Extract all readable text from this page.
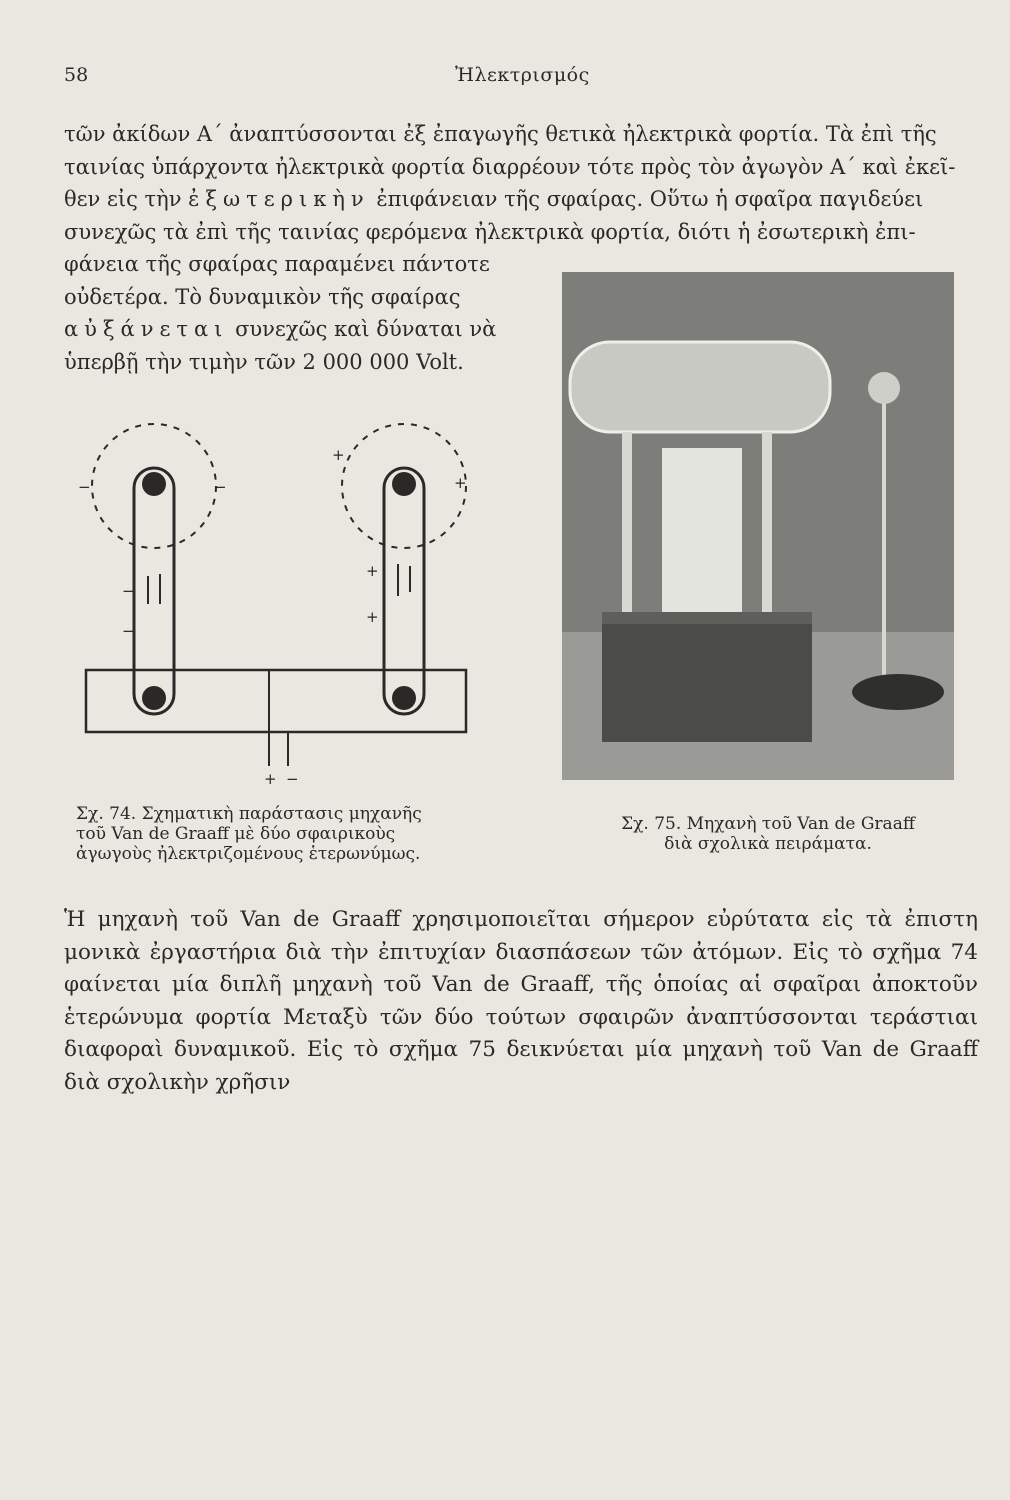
58	Ἠλεκτρισμός
τῶν ἀκίδων Α΄ ἀναπτύσσονται ἐξ ἐπαγωγῆς θετικὰ ἠλεκτρικὰ φορτία. Τὰ ἐπὶ τῆς
ταινίας ὑπάρχοντα ἠλεκτρικὰ φορτία διαρρέουν τότε πρὸς τὸν ἀγωγὸν Α΄ καὶ ἐκεῖ-
θεν εἰς τὴν ἐξωτερικὴν ἐπιφάνειαν τῆς σφαίρας. Οὕτω ἡ σφαῖρα παγιδεύει
συνεχῶς τὰ ἐπὶ τῆς ταινίας φερόμενα ἠλεκτρικὰ φορτία, διότι ἡ ἐσωτερικὴ ἐπι-
φάνεια τῆς σφαίρας παραμένει πάντοτε
οὐδετέρα. Τὸ δυναμικὸν τῆς σφαίρας
αὐξάνεται συνεχῶς καὶ δύναται νὰ
ὑπερβῇ τὴν τιμὴν τῶν 2 000 000 Volt.
−	−
−
−
+
+
+
+
+ −
Σχ. 74. Σχηματικὴ παράστασις μηχανῆς
τοῦ Van de Graaff μὲ δύο σφαιρικοὺς
ἀγωγοὺς ἠλεκτριζομένους ἑτερωνύμως.
Σχ. 75. Μηχανὴ τοῦ Van de Graaff
διὰ σχολικὰ πειράματα.
Ἡ μηχανὴ τοῦ Van de Graaff χρησιμοποιεῖται σήμερον εὐρύτατα εἰς τὰ ἐπιστη
μονικὰ ἐργαστήρια διὰ τὴν ἐπιτυχίαν διασπάσεων τῶν ἀτόμων. Εἰς τὸ σχῆμα 74
φαίνεται μία διπλῆ μηχανὴ τοῦ Van de Graaff, τῆς ὁποίας αἱ σφαῖραι ἀποκτοῦν
ἑτερώνυμα φορτία Μεταξὺ τῶν δύο τούτων σφαιρῶν ἀναπτύσσονται τεράστιαι
διαφοραὶ δυναμικοῦ. Εἰς τὸ σχῆμα 75 δεικνύεται μία μηχανὴ τοῦ Van de Graaff
διὰ σχολικὴν χρῆσιν
